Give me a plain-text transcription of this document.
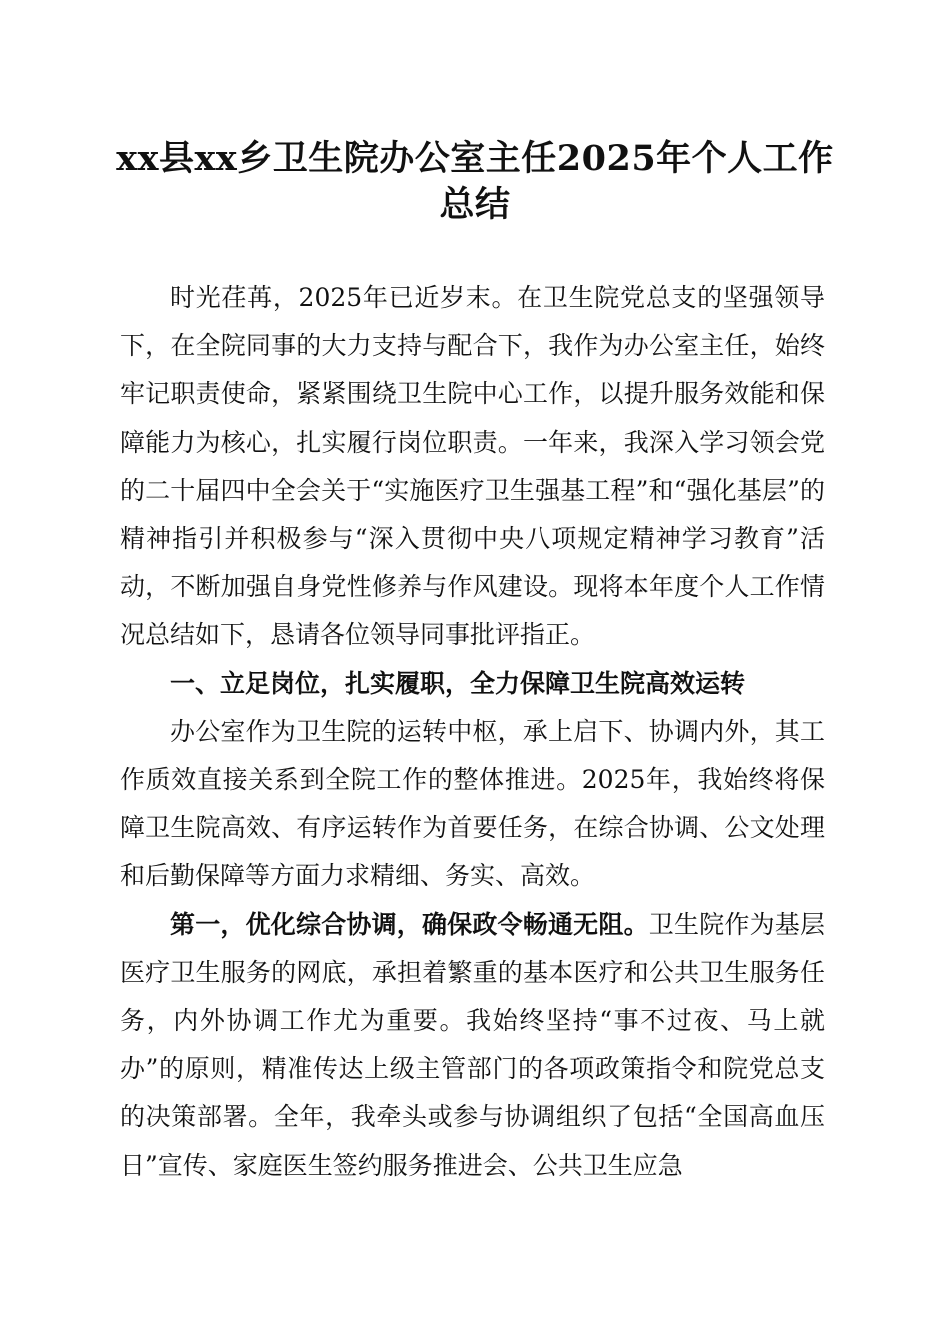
xx县xx乡卫生院办公室主任2025年个人工作总结

时光荏苒，2025年已近岁末。在卫生院党总支的坚强领导下，在全院同事的大力支持与配合下，我作为办公室主任，始终牢记职责使命，紧紧围绕卫生院中心工作，以提升服务效能和保障能力为核心，扎实履行岗位职责。一年来，我深入学习领会党的二十届四中全会关于“实施医疗卫生强基工程”和“强化基层”的精神指引并积极参与“深入贯彻中央八项规定精神学习教育”活动，不断加强自身党性修养与作风建设。现将本年度个人工作情况总结如下，恳请各位领导同事批评指正。

一、立足岗位，扎实履职，全力保障卫生院高效运转

办公室作为卫生院的运转中枢，承上启下、协调内外，其工作质效直接关系到全院工作的整体推进。2025年，我始终将保障卫生院高效、有序运转作为首要任务，在综合协调、公文处理和后勤保障等方面力求精细、务实、高效。

第一，优化综合协调，确保政令畅通无阻。卫生院作为基层医疗卫生服务的网底，承担着繁重的基本医疗和公共卫生服务任务，内外协调工作尤为重要。我始终坚持“事不过夜、马上就办”的原则，精准传达上级主管部门的各项政策指令和院党总支的决策部署。全年，我牵头或参与协调组织了包括“全国高血压日”宣传、家庭医生签约服务推进会、公共卫生应急
